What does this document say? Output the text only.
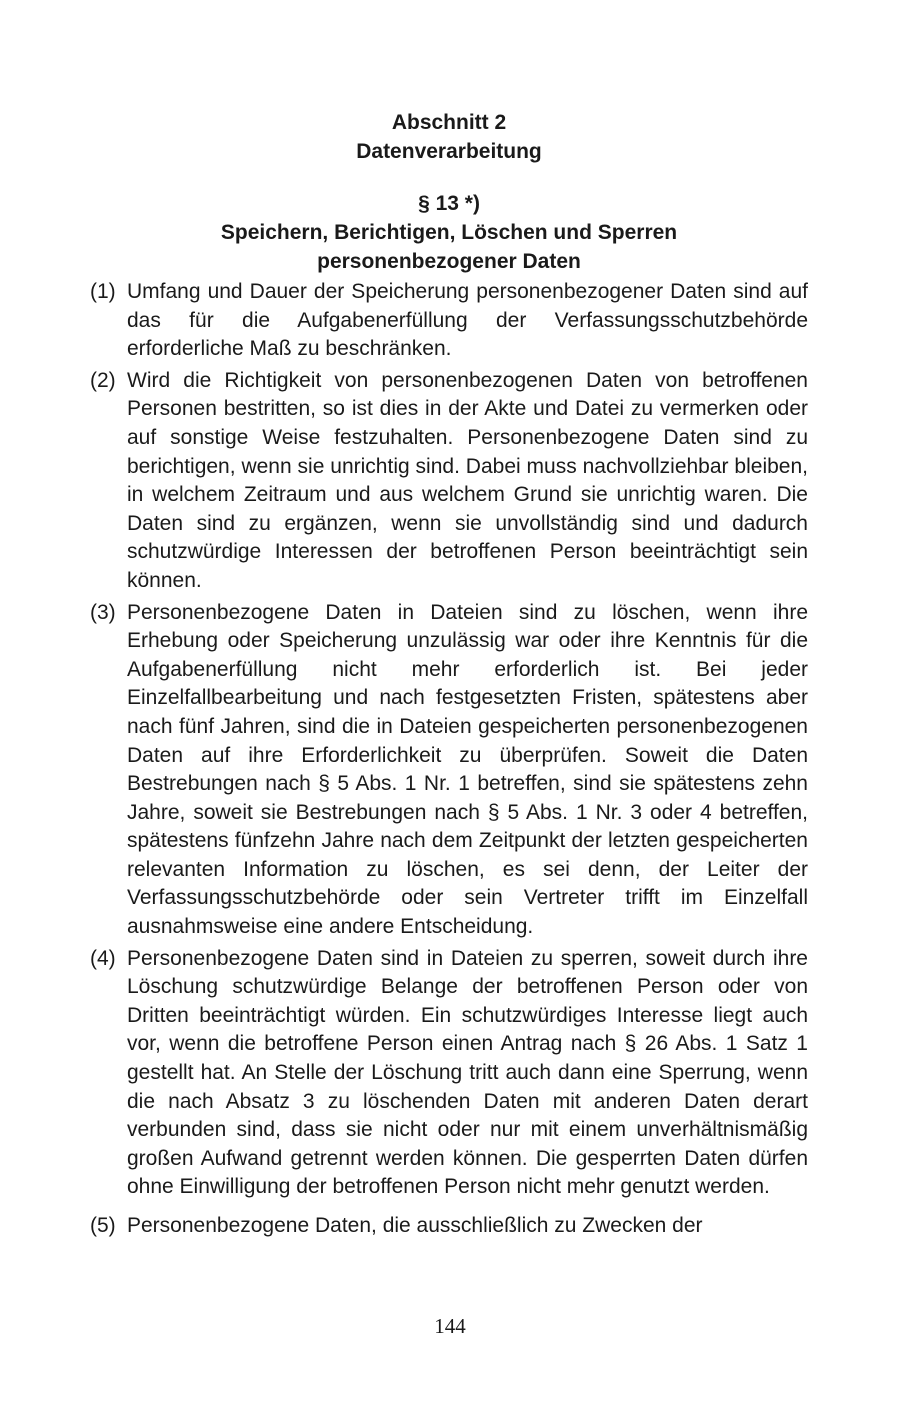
Abschnitt 2

Datenverarbeitung

§ 13 *)

Speichern, Berichtigen, Löschen und Sperren

personenbezogener Daten

(1) Umfang und Dauer der Speicherung personenbezogener Daten sind auf das für die Aufgabenerfüllung der Verfassungsschutzbehörde erforderliche Maß zu beschränken.
(2) Wird die Richtigkeit von personenbezogenen Daten von betroffenen Personen bestritten, so ist dies in der Akte und Datei zu vermerken oder auf sonstige Weise festzuhalten. Personenbezogene Daten sind zu berichtigen, wenn sie unrichtig sind. Dabei muss nachvollziehbar bleiben, in welchem Zeitraum und aus welchem Grund sie unrichtig waren. Die Daten sind zu ergänzen, wenn sie unvollständig sind und dadurch schutzwürdige Interessen der betroffenen Person beeinträchtigt sein können.
(3) Personenbezogene Daten in Dateien sind zu löschen, wenn ihre Erhebung oder Speicherung unzulässig war oder ihre Kenntnis für die Aufgabenerfüllung nicht mehr erforderlich ist. Bei jeder Einzelfallbearbeitung und nach festgesetzten Fristen, spätestens aber nach fünf Jahren, sind die in Dateien gespeicherten personenbezogenen Daten auf ihre Erforderlichkeit zu überprüfen. Soweit die Daten Bestrebungen nach § 5 Abs. 1 Nr. 1 betreffen, sind sie spätestens zehn Jahre, soweit sie Bestrebungen nach § 5 Abs. 1 Nr. 3 oder 4 betreffen, spätestens fünfzehn Jahre nach dem Zeitpunkt der letzten gespeicherten relevanten Information zu löschen, es sei denn, der Leiter der Verfassungsschutzbehörde oder sein Vertreter trifft im Einzelfall ausnahmsweise eine andere Entscheidung.
(4) Personenbezogene Daten sind in Dateien zu sperren, soweit durch ihre Löschung schutzwürdige Belange der betroffenen Person oder von Dritten beeinträchtigt würden. Ein schutzwürdiges Interesse liegt auch vor, wenn die betroffene Person einen Antrag nach § 26 Abs. 1 Satz 1 gestellt hat. An Stelle der Löschung tritt auch dann eine Sperrung, wenn die nach Absatz 3 zu löschenden Daten mit anderen Daten derart verbunden sind, dass sie nicht oder nur mit einem unverhältnismäßig großen Aufwand getrennt werden können. Die gesperrten Daten dürfen ohne Einwilligung der betroffenen Person nicht mehr genutzt werden.
(5) Personenbezogene Daten, die ausschließlich zu Zwecken der
144
